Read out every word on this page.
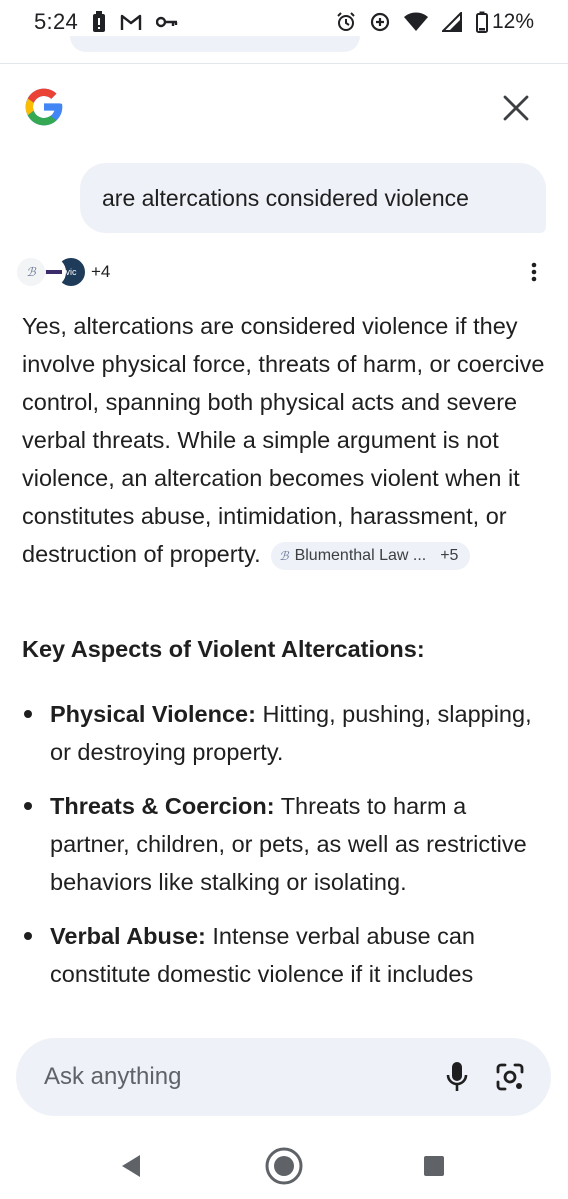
5:24	12%
are altercations considered violence
ℬ	vic +4
Yes, altercations are considered violence if they involve physical force, threats of harm, or coercive control, spanning both physical acts and severe verbal threats. While a simple argument is not violence, an altercation becomes violent when it constitutes abuse, intimidation, harassment, or destruction of property. ℬ Blumenthal Law ... +5
Key Aspects of Violent Altercations:
Physical Violence: Hitting, pushing, slapping, or destroying property.
Threats & Coercion: Threats to harm a partner, children, or pets, as well as restrictive behaviors like stalking or isolating.
Verbal Abuse: Intense verbal abuse can constitute domestic violence if it includes
Ask anything
